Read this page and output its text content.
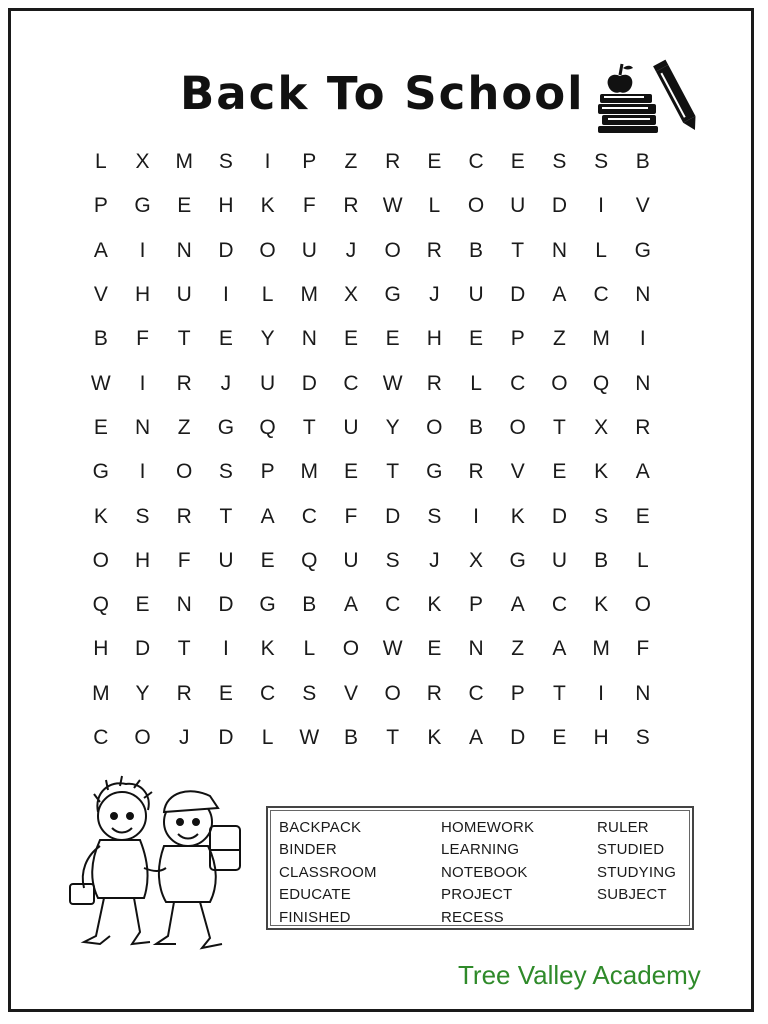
Back To School
L	X	M	S	I	P	Z	R	E	C	E	S	S	B
P	G	E	H	K	F	R	W	L	O	U	D	I	V
A	I	N	D	O	U	J	O	R	B	T	N	L	G
V	H	U	I	L	M	X	G	J	U	D	A	C	N
B	F	T	E	Y	N	E	E	H	E	P	Z	M	I
W	I	R	J	U	D	C	W	R	L	C	O	Q	N
E	N	Z	G	Q	T	U	Y	O	B	O	T	X	R
G	I	O	S	P	M	E	T	G	R	V	E	K	A
K	S	R	T	A	C	F	D	S	I	K	D	S	E
O	H	F	U	E	Q	U	S	J	X	G	U	B	L
Q	E	N	D	G	B	A	C	K	P	A	C	K	O
H	D	T	I	K	L	O	W	E	N	Z	A	M	F
M	Y	R	E	C	S	V	O	R	C	P	T	I	N
C	O	J	D	L	W	B	T	K	A	D	E	H	S
BACKPACK
BINDER
CLASSROOM
EDUCATE
FINISHED
HOMEWORK
LEARNING
NOTEBOOK
PROJECT
RECESS
RULER
STUDIED
STUDYING
SUBJECT
Tree Valley Academy
